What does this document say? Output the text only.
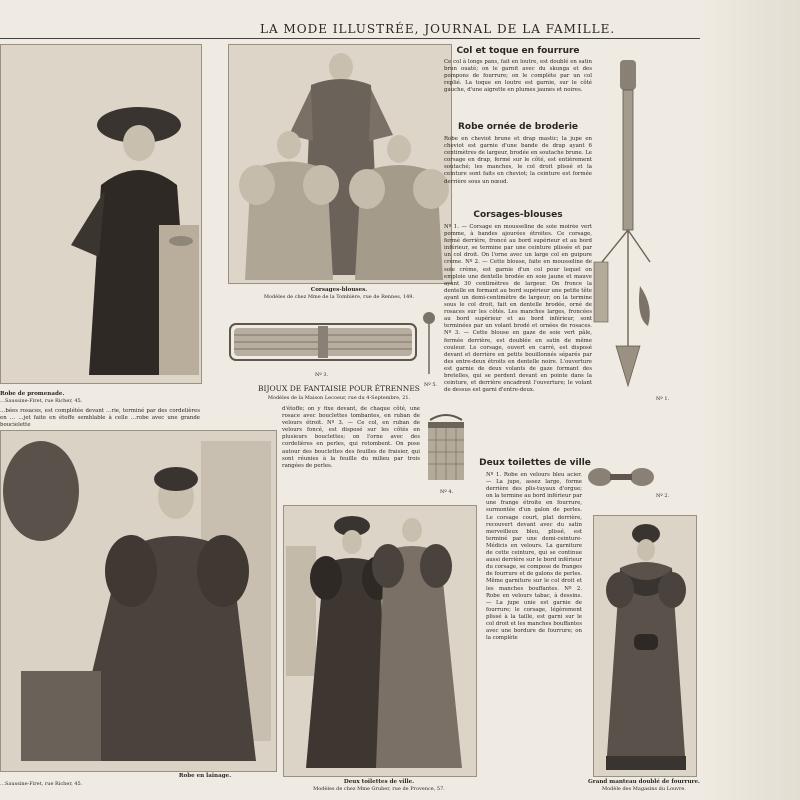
LA MODE ILLUSTRÉE, JOURNAL DE LA FAMILLE.
Robe de promenade.
…Saussine-Firet, rue Richer, 45.
…bées rosaces, est complétée devant …rie, terminé par des cordelières en … …jet faite en étoffe semblable à celle …robe avec une grande boucielette
Robe en lainage.
…Saussine-Firet, rue Richer, 45.
Corsages-blouses.
Modèles de chez Mme de la Tombière, rue de Rennes, 149.
Nº 3.
Nº 5.
BIJOUX DE FANTAISIE POUR ÉTRENNES
Modèles de la Maison Lecoeur, rue du 4-Septembre, 21.
d'étoffe; on y fixe devant, de chaque côté, une rosace avec bouclettes tombantes, en ruban de velours étroit. Nº 3. — Ce col, en ruban de velours foncé, est disposé sur les côtés en plusieurs bouclettes; on l'orne avec des cordelières en perles, qui retombent. On pose autour des bouclettes des feuilles de fraisier, qui sont réunies à la feuille du milieu par trois rangées de perles.
Nº 4.
Deux toilettes de ville.
Modèles de chez Mme Gruber, rue de Provence, 57.
Col et toque en fourrure
Ce col à longs pans, fait en loutre, est doublé en satin brun ouaté; on le garnit avec du skunga et des pompons de fourrure; on le complète par un col replié. La toque en loutre est garnie, sur le côté gauche, d'une aigrette en plumes jaunes et noires.
Robe ornée de broderie
Robe en cheviot brune et drap mastic; la jupe en cheviot est garnie d'une bande de drap ayant 6 centimètres de largeur, brodée en soutache brune. Le corsage en drap, fermé sur le côté, est entièrement soutaché; les manches, le col droit plissé et la ceinture sont faits en cheviot; la ceinture est formée derrière sous un nœud.
Corsages-blouses
Nº 1. — Corsage en mousseline de soie moirée vert pomme, à bandes ajourées étroites. Ce corsage, fermé derrière, froncé au bord supérieur et au bord inférieur, se termine par une ceinture plissée et par un col droit. On l'orne avec un large col en guipure crème. Nº 2. — Cette blouse, faite en mousseline de soie crème, est garnie d'un col pour lequel on emploie une dentelle brodée en soie jaune et mauve ayant 30 centimètres de largeur. On fronce la dentelle en formant au bord supérieur une petite tête ayant un demi-centimètre de largeur; on la termine sous le col droit, fait en dentelle brodée, orné de rosaces sur les côtés. Les manches larges, froncées au bord supérieur et au bord inférieur, sont terminées par un volant brodé et ornées de rosaces. Nº 3. — Cette blouse en gaze de soie vert pâle, fermée derrière, est doublée en satin de même couleur. Le corsage, ouvert en carré, est disposé devant et derrière en petits bouillonnés séparés par des entre-deux étroits en dentelle noire. L'ouverture est garnie de deux volants de gaze formant des bretelles, qui se perdent devant en pointe dans la ceinture, et derrière encadrent l'ouverture; le volant de dessus est garni d'entre-deux.
Deux toilettes de ville
Nº 1. Robe en velours bleu acier. — La jupe, assez large, forme derrière des plis-tuyaux d'orgue; on la termine au bord inférieur par une frange étroite en fourrure, surmontée d'un galon de perles. Le corsage court, plat derrière, recouvert devant avec du satin merveilleux bleu, plissé, est terminé par une demi-ceinture-Médicis en velours. La garniture de cette ceinture, qui se continue aussi derrière sur le bord inférieur du corsage, se compose de franges de fourrure et de galons de perles. Même garniture sur le col droit et les manches bouffantes. Nº 2. Robe en velours tabac, à dessins. — La jupe unie est garnie de fourrure; le corsage, légèrement plissé à la taille, est garni sur le col droit et les manches bouffantes avec une bordure de fourrure; on la complète
Nº 1.
Nº 2.
Grand manteau doublé de fourrure.
Modèle des Magasins du Louvre.
